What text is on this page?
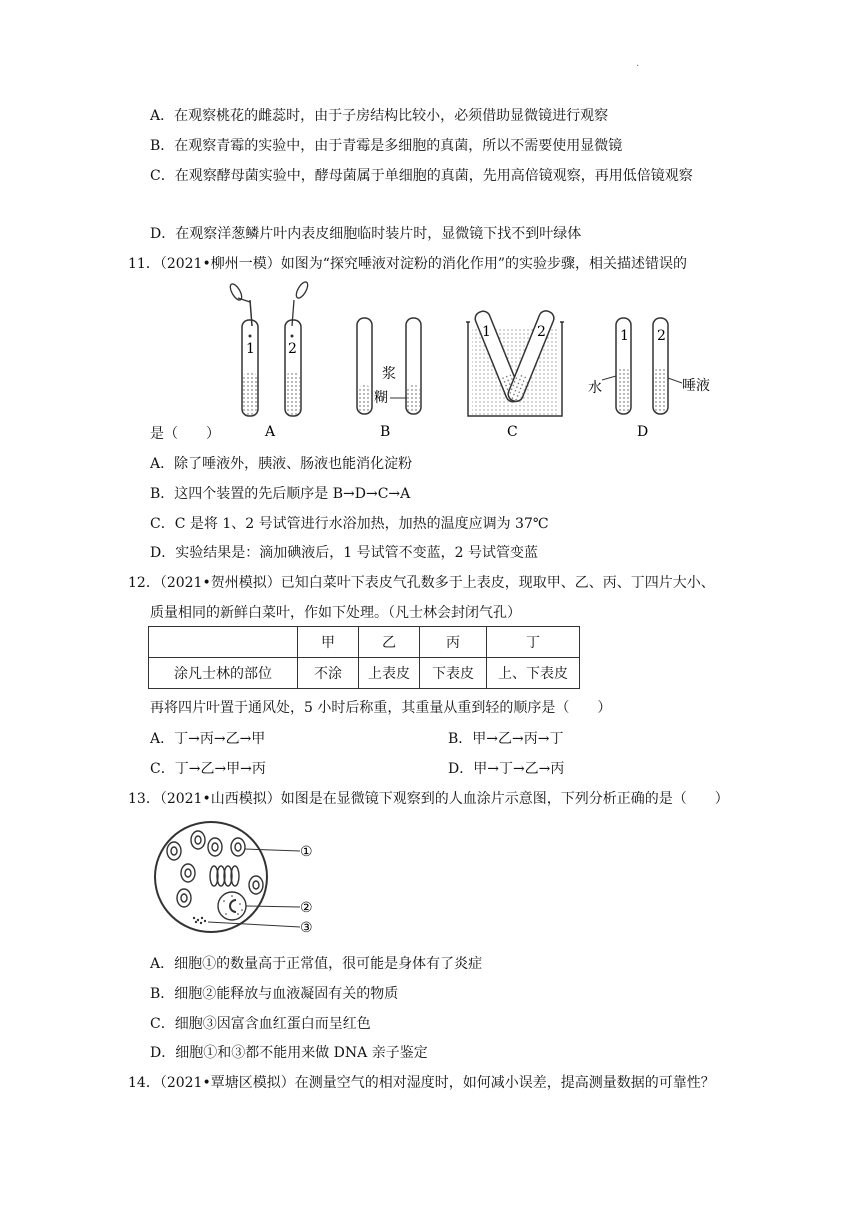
.
A．在观察桃花的雌蕊时，由于子房结构比较小，必须借助显微镜进行观察
B．在观察青霉的实验中，由于青霉是多细胞的真菌，所以不需要使用显微镜
C．在观察酵母菌实验中，酵母菌属于单细胞的真菌，先用高倍镜观察，再用低倍镜观察
D．在观察洋葱鳞片叶内表皮细胞临时装片时，显微镜下找不到叶绿体
11．（2021•柳州一模）如图为“探究唾液对淀粉的消化作用”的实验步骤，相关描述错误的
1 2
A
浆
糊
B
1	2
C
1 2
水	唾液
D
是（　　）
A．除了唾液外，胰液、肠液也能消化淀粉
B．这四个装置的先后顺序是 B→D→C→A
C．C 是将 1、2 号试管进行水浴加热，加热的温度应调为 37℃
D．实验结果是：滴加碘液后，1 号试管不变蓝，2 号试管变蓝
12．（2021•贺州模拟）已知白菜叶下表皮气孔数多于上表皮，现取甲、乙、丙、丁四片大小、
质量相同的新鲜白菜叶，作如下处理。（凡士林会封闭气孔）
	甲	乙	丙	丁
涂凡士林的部位	不涂	上表皮	下表皮	上、下表皮
再将四片叶置于通风处，5 小时后称重，其重量从重到轻的顺序是（　　）
A．丁→丙→乙→甲	B．甲→乙→丙→丁
C．丁→乙→甲→丙	D．甲→丁→乙→丙
13．（2021•山西模拟）如图是在显微镜下观察到的人血涂片示意图，下列分析正确的是（　　）
①
②
③
A．细胞①的数量高于正常值，很可能是身体有了炎症
B．细胞②能释放与血液凝固有关的物质
C．细胞③因富含血红蛋白而呈红色
D．细胞①和③都不能用来做 DNA 亲子鉴定
14．（2021•覃塘区模拟）在测量空气的相对湿度时，如何减小误差，提高测量数据的可靠性？
